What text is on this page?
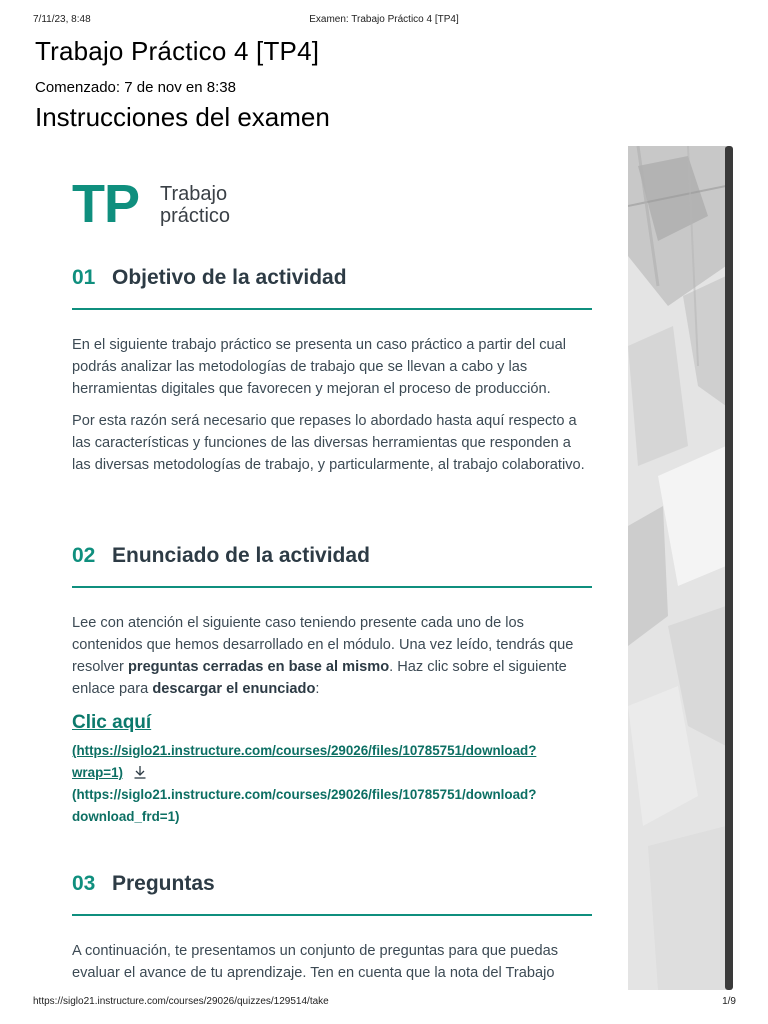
7/11/23, 8:48	Examen: Trabajo Práctico 4 [TP4]
Trabajo Práctico 4 [TP4]
Comenzado: 7 de nov en 8:38
Instrucciones del examen
TP Trabajo
práctico
01 Objetivo de la actividad

En el siguiente trabajo práctico se presenta un caso práctico a partir del cual podrás analizar las metodologías de trabajo que se llevan a cabo y las herramientas digitales que favorecen y mejoran el proceso de producción.

Por esta razón será necesario que repases lo abordado hasta aquí respecto a las características y funciones de las diversas herramientas que responden a las diversas metodologías de trabajo, y particularmente, al trabajo colaborativo.

02 Enunciado de la actividad

Lee con atención el siguiente caso teniendo presente cada uno de los contenidos que hemos desarrollado en el módulo. Una vez leído, tendrás que resolver preguntas cerradas en base al mismo. Haz clic sobre el siguiente enlace para descargar el enunciado:

Clic aquí
(https://siglo21.instructure.com/courses/29026/files/10785751/download?
wrap=1)
(https://siglo21.instructure.com/courses/29026/files/10785751/download?
download_frd=1)
03 Preguntas

A continuación, te presentamos un conjunto de preguntas para que puedas evaluar el avance de tu aprendizaje. Ten en cuenta que la nota del Trabajo

https://siglo21.instructure.com/courses/29026/quizzes/129514/take	1/9
